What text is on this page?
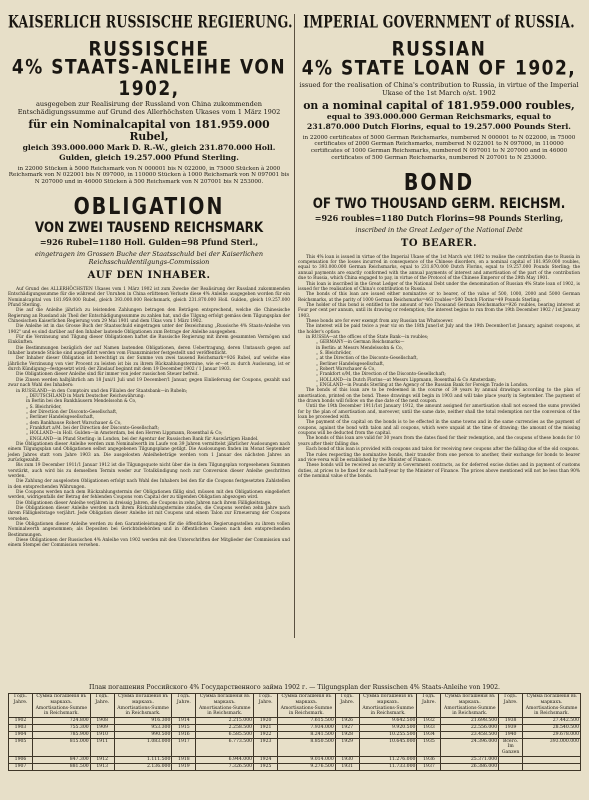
KAISERLICH RUSSISCHE REGIERUNG.
RUSSISCHE
4% STAATS-ANLEIHE VON 1902,
ausgegeben zur Realisirung der Russland von China zukommenden Entschädigungssumme auf Grund des Allerhöchsten Ukases vom 1 März 1902
für ein Nominalcapital von 181.959.000 Rubel,
gleich 393.000.000 Mark D. R.-W., gleich 231.870.000 Holl.
Gulden, gleich 19.257.000 Pfund Sterling.
in 22000 Stücken à 5000 Reichsmark von N 000001 bis N 022000, in 75000 Stücken à 2000 Reichsmark von N 022001 bis N 097000, in 110000 Stücken à 1000 Reichsmark von N 097001 bis N 207000 und in 46000 Stücken à 500 Reichsmark von N 207001 bis N 253000.
OBLIGATION
VON ZWEI TAUSEND REICHSMARK
=926 Rubel=1180 Holl. Gulden=98 Pfund Sterl.,
eingetragen im Grossen Buche der Staatsschuld bei der Kaiserlichen Reichsschuldentilgungs-Commission
AUF DEN INHABER.

Auf Grund des ALLERHÖCHSTEN Ukases vom 1 März 1902 ist zum Zwecke der Realisirung der Russland zukommenden Entschädigungssumme für die während der Unruhen in China erlittenen Verluste diese 4% Anleihe ausgegeben worden für ein Nominalcapital von 181.959.000 Rubel, gleich 393.000.000 Reichsmark, gleich 231.870.000 Holl. Gulden, gleich 19.257.000 Pfund Sterling.

Die auf die Anleihe jährlich zu leistenden Zahlungen betragen den Beträgen entsprechend, welche die Chinesische Regierung an Russland als Theil der Entschädigungssumme zu zahlen hat, und die Tilgung erfolgt gemäss dem Tilgungsplan der Chinesischen Kaiserlichen Regierung vom 29 Mai 1901 und dem Ukas vom 1 März 1902.

Die Anleihe ist in das Grosse Buch der Staatsschuld eingetragen unter der Bezeichnung „Russische 4% Staats-Anleihe von 1902" und es sind darüber auf den Inhaber lautende Obligationen zum Betrage der Anleihe ausgegeben.

Für die Verzinsung und Tilgung dieser Obligationen haftet die Russische Regierung mit ihrem gesammten Vermögen und Einkünften.

Die Bestimmungen bezüglich der auf Namen lautenden Obligationen, deren Uebertragung, deren Umtausch gegen auf Inhaber lautende Stücke sind ausgeführt werden vom Finanzminister festgestellt und veröffentlicht.

Der Inhaber dieser Obligation ist berechtigt zu der Summe von zwei tausend Reichsmark=926 Rubel, auf welche eine jährliche Verzinsung von vier Procent zu leisten ist bis zu ihrem Rückzahlungstermine, wie er—et zu durch Auslosung, ist er durch Kündigung—festgesetzt wird; der Zinslauf beginnt mit dem 19 December 1902 / 1 Januar 1903.

Die Obligationen dieser Anleihe sind für immer von jeder russischen Steuer befreit.

Die Zinsen werden halbjährlich am 18 Juni/1 Juli und 19 December/1 Januar, gegen Einlieferung der Coupons, gezahlt und zwar nach Wahl des Inhabers:

in RUSSLAND—in den Comptoirs und den Filialen der Staatsbank—in Rubeln;

„ DEUTSCHLAND in Mark Deutscher Reichswährung:

in Berlin bei den Bankhäusern Mendelssohn & Co,

„ S. Bleichröder,

„ der Direction der Disconto-Gesellschaft,

„ Berliner Handelsgesellschaft,

„ dem Bankhause Robert Warschauer & Co,

„ Frankfurt a/M. bei der Direction der Disconto-Gesellschaft;

„ HOLLAND—in Holl. Gulden—in Amsterdam, bei den Herren Lippmann, Rosenthal & Co;

„ ENGLAND—in Pfund Sterling: in London, bei der Agentur der Russischen Bank für Auswärtigen Handel.

Die Obligationen dieser Anleihe werden zum Nominalwerth im Laufe von 39 Jahren vermittelst jährlicher Auslosungen nach einem Tilgungsplan und Obligationen selbst angegebenen Tilgungsplane getilgt. Die Auslosungen finden im Monat September jeden Jahres statt vom Jahre 1903 an. Die ausgelosten Anleihebeträge werden vom 1 Januar des nächsten Jahres an zurückgezahlt.

Bis zum 19 December 1911/1 Januar 1912 ist die Tilgungsquote nicht über die in dem Tilgungsplan vorgesehenen Summen verstärkt, auch wird bis zu demselben Termin weder zur Totalkündigung noch zur Conversion dieser Anleihe geschritten werden.

Die Zahlung der ausgelosten Obligationen erfolgt nach Wahl des Inhabers bei den für die Coupons festgesetzten Zahlstellen in den entsprechenden Währungen.

Die Coupons werden nach dem Rückzahlungstermin der Obligationen fällig sind, müssen mit den Obligationen eingeliefert werden, widrigenfalls der Betrag der fehlenden Coupons vom Capital der zu tilgenden Obligation abgezogen wird.

Die Obligationen dieser Anleihe verjähren in dreissig Jahren, die Coupons in zehn Jahren nach ihrem Fälligkeitstage.

Die Obligationen dieser Anleihe werden nach ihrem Rückzahlungstermine zinslos, die Coupons werden zehn Jahre nach ihrem Fälligkeitstage verjährt. Jede Obligation dieser Anleihe ist mit Coupons und einem Talon zur Erneuerung der Coupons versehen.

Die Obligationen dieser Anleihe werden zu den Garantieleistungen für die öffentlichen Regierungsstellen zu ihrem vollen Nominalwerth angenommen; als Depositen bei Gerichtsbehörden und in öffentlichen Cassen nach den entsprechenden Bestimmungen.

Diese Obligationen der Russischen 4% Anleihe von 1902 werden mit den Unterschriften der Mitglieder der Commission und einem Stempel der Commission versehen.

IMPERIAL GOVERNMENT of RUSSIA.
RUSSIAN
4% STATE LOAN OF 1902,
issued for the realisation of China's contribution to Russia, in virtue of the Imperial Ukase of the 1st March o/st. 1902
on a nominal capital of 181.959.000 roubles,
equal to 393.000.000 German Reichsmarks, equal to
231.870.000 Dutch Florins, equal to 19.257.000 Pounds Sterl.
in 22000 certificates of 5000 German Reichsmarks, numbered N 000001 to N 022000, in 75000 certificates of 2000 German Reichsmarks, numbered N 022001 to N 097000, in 110000 certificates of 1000 German Reichsmarks, numbered N 097001 to N 207000 and in 46000 certificates of 500 German Reichsmarks, numbered N 207001 to N 253000.
BOND
OF TWO THOUSAND GERM. REICHSM.
=926 roubles=1180 Dutch Florins=98 Pounds Sterling,
inscribed in the Great Ledger of the National Debt
TO BEARER.

This 4% loan is issued in virtue of the Imperial Ukase of the 1st March o/st 1902 to realise the contribution due to Russia in compensation for the losses incurred in consequence of the Chinese disorders, on a nominal capital of 181.959.000 roubles, equal to 393.000.000 German Reichsmarks, equal to 231.870.000 Dutch Florins, equal to 19.257.000 Pounds Sterling; the annual payments are exactly conformed with the annual payments of interest and amortisation of the part of the contribution due to Russia, which China engaged to pay, in virtue of the Protocol of the Chinese Emperor of the 29th May 1901.

This loan is inscribed in the Great Ledger of the National Debt under the denomination of Russian 4% State loan of 1902, is issued for the realisation of China's contribution to Russia.

The bonds of this loan are issued either nominative or to bearer, of the value of 500, 1000, 2000 and 5000 German Reichsmarks, at the parity of 1000 German Reichsmarks=463 roubles=590 Dutch Florins=49 Pounds Sterling.

The holder of this bond is entitled to the amount of two Thousand German Reichsmarks=926 roubles, bearing interest at Four per cent per annum, until its drawing or redemption; the interest begins to run from the 19th December 1902 / 1st January 1903.

These bonds are for ever exempt from any Russian tax Whatsoever.

The interest will be paid twice a year viz on the 18th June/1st July and the 19th December/1st January, against coupons, at the holder's option:

in RUSSIA—at the offices of the State Bank—in roubles;

„ GERMANY—in German Reichsmarks—

in Berlin: at Messrs Mendelssohn & Co,

„ S. Bleichröder,

„ at the Direction of the Disconto-Gesellschaft,

„ Berliner Handelsgesellschaft,

„ Robert Warschauer & Co,

„ Frankfort o/M, the Direction of the Disconto-Gesellschaft;

„ HOLLAND—in Dutch Florins—at Messrs Lippmann, Rosenthal & Co Amsterdam;

„ ENGLAND—in Pounds Sterling at the Agency of the Russian Bank for Foreign Trade in London.

The bonds of this loan are to be redeemed in the course of 39 years by annual drawings according to the plan of amortisation, printed on the bond. These drawings will begin in 1903 and will take place yearly in September. The payment of the drawn bonds will follow on the due date of the next coupon.

Until the 19th December 1911/1st January 1912, the amount assigned for amortisation shall not exceed the sums provided for by the plan of amortisation and, moreover, until the same date, neither shall the total redemption nor the conversion of the loan be proceeded with.

The payment of the capital on the bonds is to be effected in the same towns and in the same currencies as the payment of coupons, against the bond with talon and all coupons, which were unpaid at the time of drawing; the amount of the missing coupons will be deducted from the capital.

The bonds of this loan are valid for 30 years from the dates fixed for their redemption, and the coupons of these bonds for 10 years after their falling due.

Each bond of this loan is provided with coupons and talon for receiving new coupons after the falling due of the old coupons.

The rules respecting the nominative bonds, their transfer from one person to another, their exchange for bonds to bearer and vice-versa will be established by the Minister of Finance.

These bonds will be received as security in Government contracts, as for deferred excise duties and in payment of customs duties, at prices to be fixed for each half-year by the Minister of Finance. The prices above mentioned will not be less than 90% of the nominal value of the bonds.

План погашения Российского 4% Государственного займа 1902 г. — Tilgungsplan der Russischen 4% Staats-Anleihe von 1902.
Годъ. Jahre.	Сумма погашенія въ маркахъ. Amortisations-Summe in Reichsmark.	Годъ. Jahre.	Сумма погашенія въ маркахъ. Amortisations-Summe in Reichsmark.	Годъ. Jahre.	Сумма погашенія въ маркахъ. Amortisations-Summe in Reichsmark.	Годъ. Jahre.	Сумма погашенія въ маркахъ. Amortisations-Summe in Reichsmark.	Годъ. Jahre.	Сумма погашенія въ маркахъ. Amortisations-Summe in Reichsmark.	Годъ. Jahre.	Сумма погашенія въ маркахъ. Amortisations-Summe in Reichsmark.	Годъ. Jahre.	Сумма погашенія въ маркахъ. Amortisations-Summe in Reichsmark.
1902	724.800	1908	916.300	1914	2.215.000	1920	7.615.500	1926	9.642.500	1932	21.698.500	1938	27.442.500
1903	755.300	1909	953.300	1915	2.258.500	1921	7.934.000	1927	9.920.500	1933	22.556.000	1939	28.540.500
1904	785.900	1910	990.500	1916	6.585.500	1922	8.241.500	1928	10.255.500	1934	23.458.500	1940	29.678.000
1905	815.000	1911	1.083.000	1917	6.773.500	1923	8.850.500	1929	10.645.000	1935	24.396.000	Всего. Im Ganzen	393.000.000
1906	847.300	1912	1.111.500	1918	6.944.000	1924	9.014.000	1930	11.276.000	1936	25.371.000		
1907	881.500	1913	2.136.000	1919	7.326.500	1925	9.276.500	1931	11.733.000	1937	26.386.000		
